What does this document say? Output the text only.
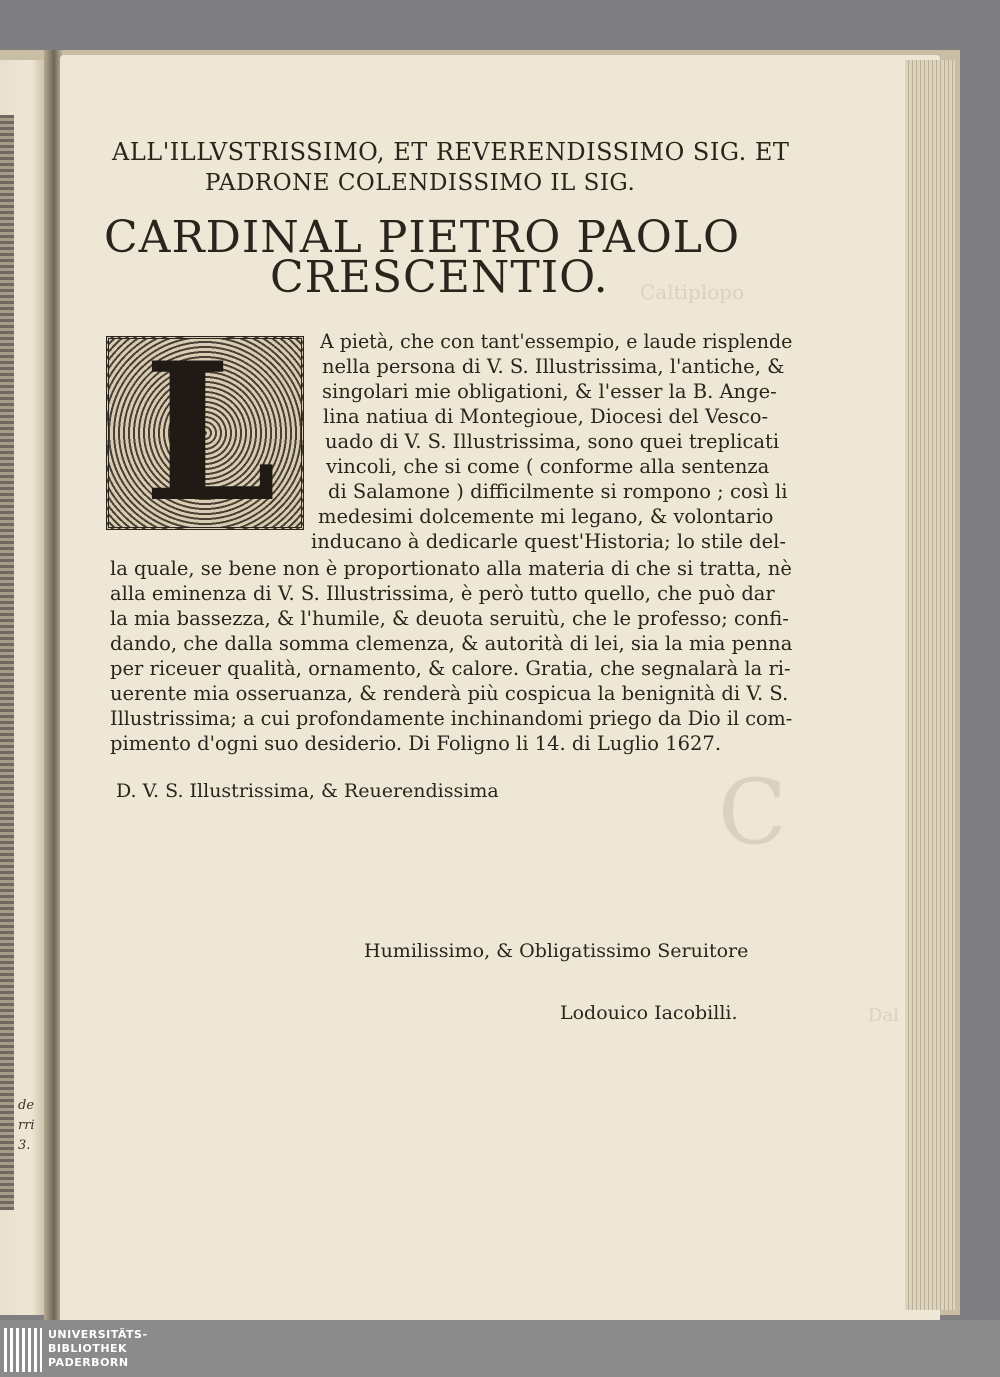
de
rri
3.
C
Caltiplopo
Dal
ALL'ILLVSTRISSIMO, ET REVERENDISSIMO SIG. ET
PADRONE COLENDISSIMO IL SIG.
CARDINAL PIETRO PAOLO
CRESCENTIO.
L A pietà, che con tant'essempio, e laude risplende
nella persona di V. S. Illustrissima, l'antiche, &
singolari mie obligationi, & l'esser la B. Ange-
lina natiua di Montegioue, Diocesi del Vesco-
uado di V. S. Illustrissima, sono quei treplicati
vincoli, che si come ( conforme alla sentenza
di Salamone ) difficilmente si rompono ; così li
medesimi dolcemente mi legano, & volontario
inducano à dedicarle quest'Historia; lo stile del-
la quale, se bene non è proportionato alla materia di che si tratta, nè
alla eminenza di V. S. Illustrissima, è però tutto quello, che può dar
la mia bassezza, & l'humile, & deuota seruitù, che le professo; confi-
dando, che dalla somma clemenza, & autorità di lei, sia la mia penna
per riceuer qualità, ornamento, & calore. Gratia, che segnalarà la ri-
uerente mia osseruanza, & renderà più cospicua la benignità di V. S.
Illustrissima; a cui profondamente inchinandomi priego da Dio il com-
pimento d'ogni suo desiderio. Di Foligno li 14. di Luglio 1627.
D. V. S. Illustrissima, & Reuerendissima
Humilissimo, & Obligatissimo Seruitore
Lodouico Iacobilli.
UNIVERSITÄTS-
BIBLIOTHEK
PADERBORN
